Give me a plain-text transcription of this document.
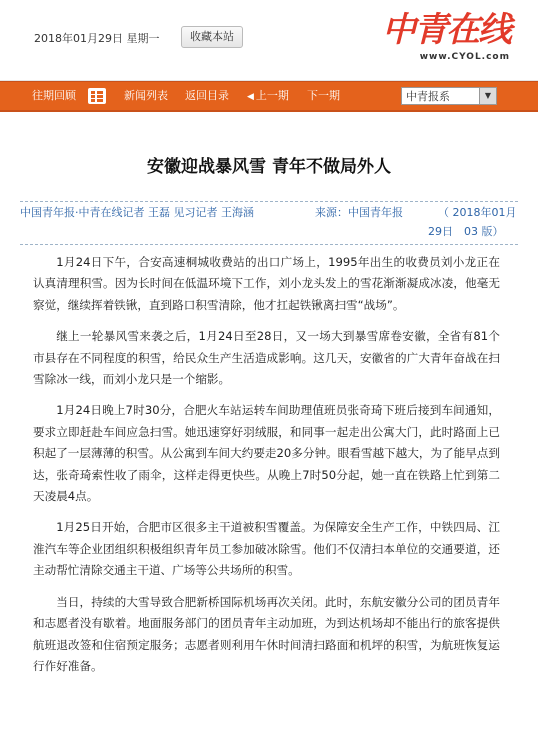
2018年01月29日 星期一	收藏本站	中青在线
www.CYOL.com
往期回顾	新闻列表 返回目录 ◀ 上一期 下一期	中青报系	▼
安徽迎战暴风雪 青年不做局外人
中国青年报·中青在线记者 王磊 见习记者 王海涵	来源：中国青年报	（ 2018年01月
29日　03 版）

1月24日下午，合安高速桐城收费站的出口广场上，1995年出生的收费员刘小龙正在认真清理积雪。因为长时间在低温环境下工作，刘小龙头发上的雪花渐渐凝成冰凌，他毫无察觉，继续挥着铁锹，直到路口积雪清除，他才扛起铁锹离扫雪“战场”。

继上一轮暴风雪来袭之后，1月24日至28日，又一场大到暴雪席卷安徽，全省有81个市县存在不同程度的积雪，给民众生产生活造成影响。这几天，安徽省的广大青年奋战在扫雪除冰一线，而刘小龙只是一个缩影。

1月24日晚上7时30分，合肥火车站运转车间助理值班员张奇琦下班后接到车间通知，要求立即赶赴车间应急扫雪。她迅速穿好羽绒服，和同事一起走出公寓大门，此时路面上已积起了一层薄薄的积雪。从公寓到车间大约要走20多分钟。眼看雪越下越大，为了能早点到达，张奇琦索性收了雨伞，这样走得更快些。从晚上7时50分起，她一直在铁路上忙到第二天凌晨4点。

1月25日开始，合肥市区很多主干道被积雪覆盖。为保障安全生产工作，中铁四局、江淮汽车等企业团组织积极组织青年员工参加破冰除雪。他们不仅清扫本单位的交通要道，还主动帮忙清除交通主干道、广场等公共场所的积雪。

当日，持续的大雪导致合肥新桥国际机场再次关闭。此时，东航安徽分公司的团员青年和志愿者没有歇着。地面服务部门的团员青年主动加班，为到达机场却不能出行的旅客提供航班退改签和住宿预定服务；志愿者则利用午休时间清扫路面和机坪的积雪，为航班恢复运行作好准备。
